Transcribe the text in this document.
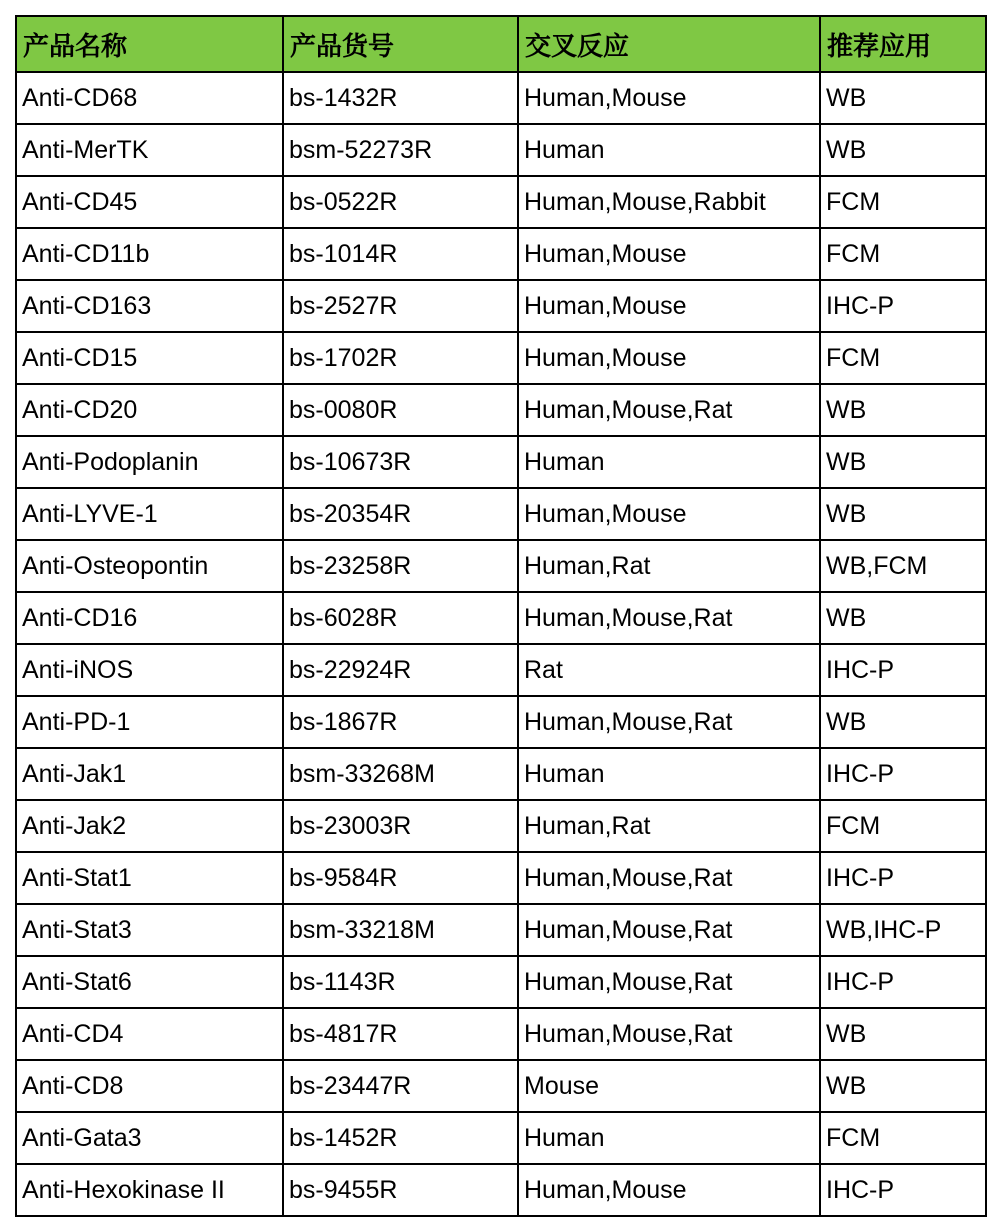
产品名称	产品货号	交叉反应	推荐应用
Anti-CD68	bs-1432R	Human,Mouse	WB
Anti-MerTK	bsm-52273R	Human	WB
Anti-CD45	bs-0522R	Human,Mouse,Rabbit	FCM
Anti-CD11b	bs-1014R	Human,Mouse	FCM
Anti-CD163	bs-2527R	Human,Mouse	IHC-P
Anti-CD15	bs-1702R	Human,Mouse	FCM
Anti-CD20	bs-0080R	Human,Mouse,Rat	WB
Anti-Podoplanin	bs-10673R	Human	WB
Anti-LYVE-1	bs-20354R	Human,Mouse	WB
Anti-Osteopontin	bs-23258R	Human,Rat	WB,FCM
Anti-CD16	bs-6028R	Human,Mouse,Rat	WB
Anti-iNOS	bs-22924R	Rat	IHC-P
Anti-PD-1	bs-1867R	Human,Mouse,Rat	WB
Anti-Jak1	bsm-33268M	Human	IHC-P
Anti-Jak2	bs-23003R	Human,Rat	FCM
Anti-Stat1	bs-9584R	Human,Mouse,Rat	IHC-P
Anti-Stat3	bsm-33218M	Human,Mouse,Rat	WB,IHC-P
Anti-Stat6	bs-1143R	Human,Mouse,Rat	IHC-P
Anti-CD4	bs-4817R	Human,Mouse,Rat	WB
Anti-CD8	bs-23447R	Mouse	WB
Anti-Gata3	bs-1452R	Human	FCM
Anti-Hexokinase II	bs-9455R	Human,Mouse	IHC-P
